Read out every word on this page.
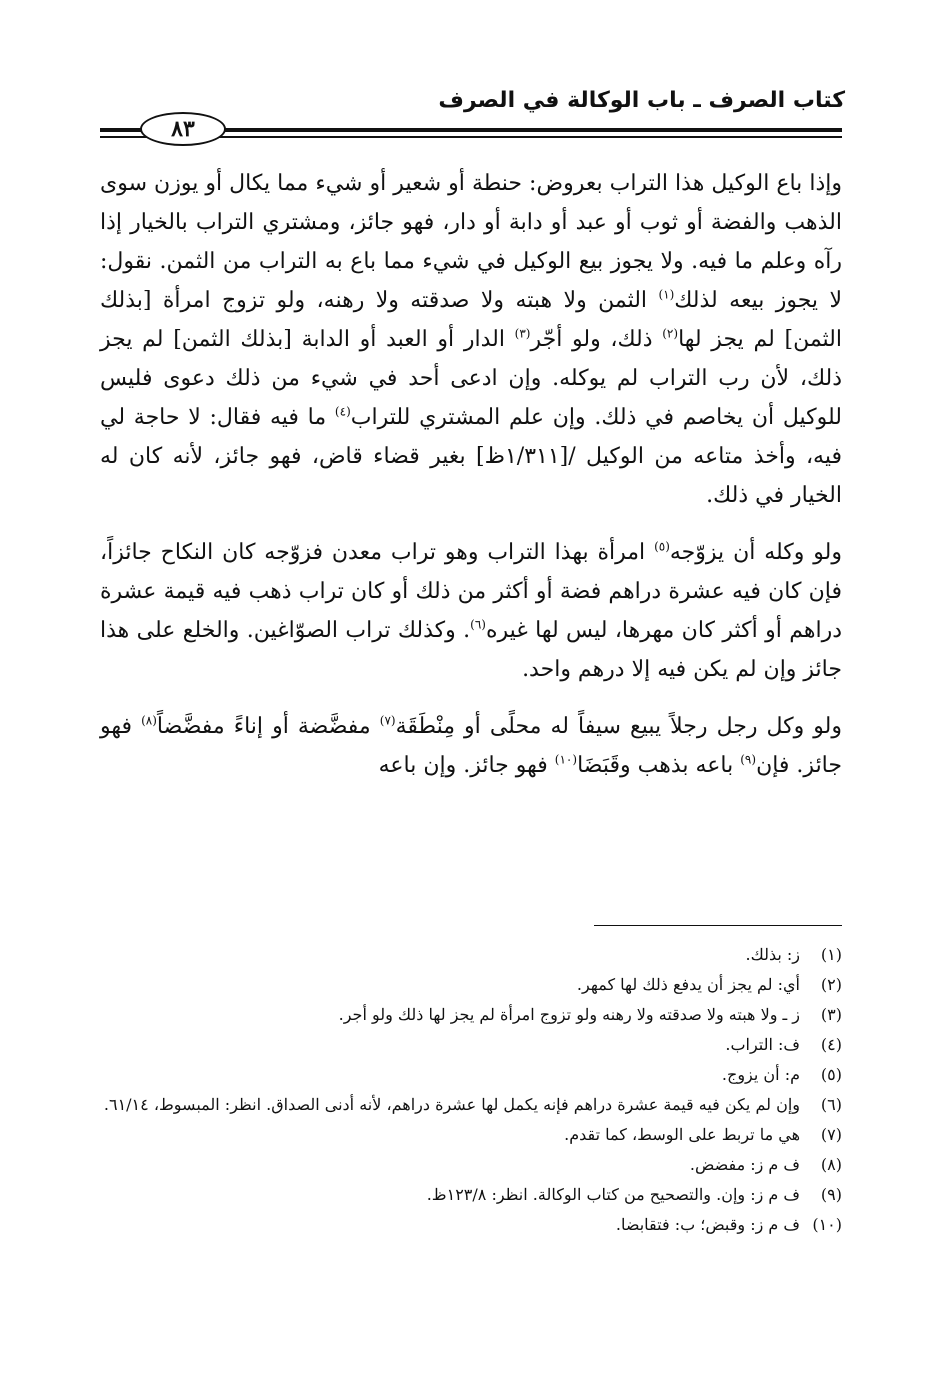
كتاب الصرف ـ باب الوكالة في الصرف
٨٣

وإذا باع الوكيل هذا التراب بعروض: حنطة أو شعير أو شيء مما يكال أو يوزن سوى الذهب والفضة أو ثوب أو عبد أو دابة أو دار، فهو جائز، ومشتري التراب بالخيار إذا رآه وعلم ما فيه. ولا يجوز بيع الوكيل في شيء مما باع به التراب من الثمن. نقول: لا يجوز بيعه لذلك$^{(١)}$ الثمن ولا هبته ولا صدقته ولا رهنه، ولو تزوج امرأة [بذلك الثمن] لم يجز لها$^{(٢)}$ ذلك، ولو أجّر$^{(٣)}$ الدار أو العبد أو الدابة [بذلك الثمن] لم يجز ذلك، لأن رب التراب لم يوكله. وإن ادعى أحد في شيء من ذلك دعوى فليس للوكيل أن يخاصم في ذلك. وإن علم المشتري للتراب$^{(٤)}$ ما فيه فقال: لا حاجة لي فيه، وأخذ متاعه من الوكيل /[١/٣١١ظ] بغير قضاء قاض، فهو جائز، لأنه كان له الخيار في ذلك.

ولو وكله أن يزوّجه$^{(٥)}$ امرأة بهذا التراب وهو تراب معدن فزوّجه كان النكاح جائزاً، فإن كان فيه عشرة دراهم فضة أو أكثر من ذلك أو كان تراب ذهب فيه قيمة عشرة دراهم أو أكثر كان مهرها، ليس لها غيره$^{(٦)}$. وكذلك تراب الصوّاغين. والخلع على هذا جائز وإن لم يكن فيه إلا درهم واحد.

ولو وكل رجل رجلاً يبيع سيفاً له محلًى أو مِنْطَقَة$^{(٧)}$ مفضَّضة أو إناءً مفضَّضاً$^{(٨)}$ فهو جائز. فإن$^{(٩)}$ باعه بذهب وقَبَضَا$^{(١٠)}$ فهو جائز. وإن باعه

(١)
ز: بذلك.
(٢)
أي: لم يجز أن يدفع ذلك لها كمهر.
(٣)
ز ـ ولا هبته ولا صدقته ولا رهنه ولو تزوج امرأة لم يجز لها ذلك ولو أجر.
(٤)
ف: التراب.
(٥)
م: أن يزوج.
(٦)
وإن لم يكن فيه قيمة عشرة دراهم فإنه يكمل لها عشرة دراهم، لأنه أدنى الصداق. انظر: المبسوط، ٦١/١٤.
(٧)
هي ما تربط على الوسط، كما تقدم.
(٨)
ف م ز: مفضض.
(٩)
ف م ز: وإن. والتصحيح من كتاب الوكالة. انظر: ١٢٣/٨ظ.
(١٠)
ف م ز: وقبض؛ ب: فتقابضا.
